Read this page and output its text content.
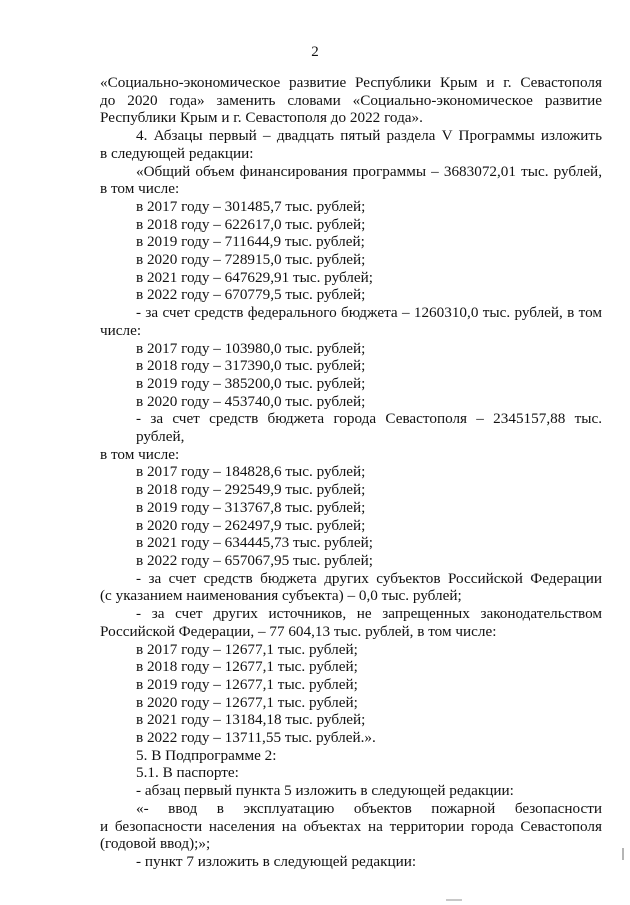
2
«Социально-экономическое развитие Республики Крым и г. Севастополя
до 2020 года» заменить словами «Социально-экономическое развитие
Республики Крым и г. Севастополя до 2022 года».
4. Абзацы первый – двадцать пятый раздела V Программы изложить
в следующей редакции:
«Общий объем финансирования программы – 3683072,01 тыс. рублей,
в том числе:
в 2017 году – 301485,7 тыс. рублей;
в 2018 году – 622617,0 тыс. рублей;
в 2019 году – 711644,9 тыс. рублей;
в 2020 году – 728915,0 тыс. рублей;
в 2021 году – 647629,91 тыс. рублей;
в 2022 году – 670779,5 тыс. рублей;
- за счет средств федерального бюджета – 1260310,0 тыс. рублей, в том
числе:
в 2017 году – 103980,0 тыс. рублей;
в 2018 году – 317390,0 тыс. рублей;
в 2019 году – 385200,0 тыс. рублей;
в 2020 году – 453740,0 тыс. рублей;
- за счет средств бюджета города Севастополя – 2345157,88 тыс. рублей,
в том числе:
в 2017 году – 184828,6 тыс. рублей;
в 2018 году – 292549,9 тыс. рублей;
в 2019 году – 313767,8 тыс. рублей;
в 2020 году – 262497,9 тыс. рублей;
в 2021 году – 634445,73 тыс. рублей;
в 2022 году – 657067,95 тыс. рублей;
- за счет средств бюджета других субъектов Российской Федерации
(с указанием наименования субъекта) – 0,0 тыс. рублей;
- за счет других источников, не запрещенных законодательством
Российской Федерации, – 77 604,13 тыс. рублей, в том числе:
в 2017 году – 12677,1 тыс. рублей;
в 2018 году – 12677,1 тыс. рублей;
в 2019 году – 12677,1 тыс. рублей;
в 2020 году – 12677,1 тыс. рублей;
в 2021 году – 13184,18 тыс. рублей;
в 2022 году – 13711,55 тыс. рублей.».
5. В Подпрограмме 2:
5.1. В паспорте:
- абзац первый пункта 5 изложить в следующей редакции:
«- ввод в эксплуатацию объектов пожарной безопасности
и безопасности населения на объектах на территории города Севастополя
(годовой ввод);»;
- пункт 7 изложить в следующей редакции:
